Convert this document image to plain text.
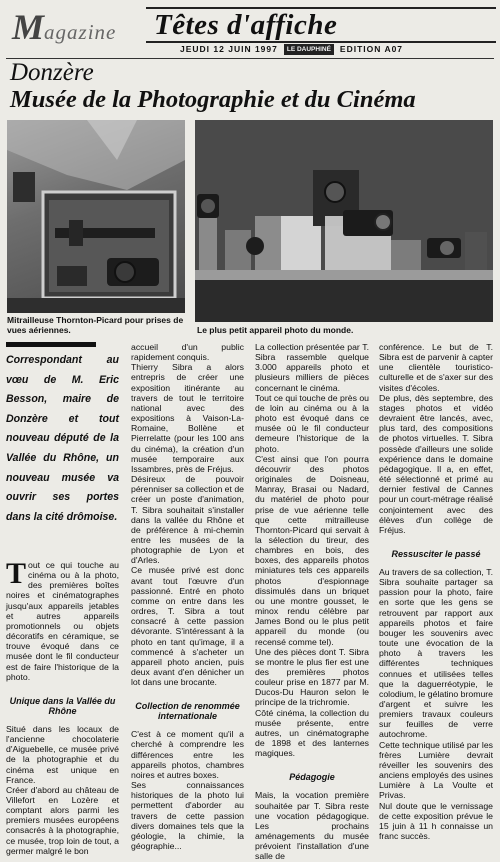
Magazine Têtes d'affiche
JEUDI 12 JUIN 1997	LE DAUPHINÉ	EDITION A07
Donzère
Musée de la Photographie et du Cinéma
Mitrailleuse Thornton-Picard pour prises de vues aériennes.	Le plus petit appareil photo du monde.
Correspondant au vœu de M. Eric Besson, maire de Donzère et tout nouveau député de la Vallée du Rhône, un nouveau musée va ouvrir ses portes dans la cité drômoise.

Tout ce qui touche au cinéma ou à la photo, des premières boîtes noires et cinématographes jusqu'aux appareils jetables et autres appareils promotionnels ou objets décoratifs en céramique, se trouve évoqué dans ce musée dont le fil conducteur est de faire l'historique de la photo.

Unique dans la Vallée du Rhône

Situé dans les locaux de l'ancienne chocolaterie d'Aiguebelle, ce musée privé de la photographie et du cinéma est unique en France.

Créer d'abord au château de Villefort en Lozère et comptant alors parmi les premiers musées européens consacrés à la photographie, ce musée, trop loin de tout, a germer malgré le bon

accueil d'un public rapidement conquis.

Thierry Sibra a alors entrepris de créer une exposition itinérante au travers de tout le territoire national avec des expositions à Vaison-La-Romaine, Bollène et Pierrelatte (pour les 100 ans du cinéma), la création d'un musée temporaire aux Issambres, près de Fréjus.

Désireux de pouvoir pérenniser sa collection et de créer un poste d'animation, T. Sibra souhaitait s'installer dans la vallée du Rhône et de préférence à mi-chemin entre les musées de la photographie de Lyon et d'Arles.

Ce musée privé est donc avant tout l'œuvre d'un passionné. Entré en photo comme on entre dans les ordres, T. Sibra a tout consacré à cette passion dévorante. S'intéressant à la photo en tant qu'image, il a commencé à s'acheter un appareil photo ancien, puis deux avant d'en dénicher un lot dans une brocante.

Collection de renommée internationale

C'est à ce moment qu'il a cherché à comprendre les différences entre les appareils photos, chambres noires et autres boxes.

Ses connaissances historiques de la photo lui permettent d'aborder au travers de cette passion divers domaines tels que la géologie, la chimie, la géographie...

La collection présentée par T. Sibra rassemble quelque 3.000 appareils photo et plusieurs milliers de pièces concernant le cinéma.

Tout ce qui touche de près ou de loin au cinéma ou à la photo est évoqué dans ce musée où le fil conducteur demeure l'historique de la photo.

C'est ainsi que l'on pourra découvrir des photos originales de Doisneau, Manray, Brasai ou Nadard, du matériel de photo pour prise de vue aérienne telle que cette mitrailleuse Thornton-Picard qui servait à la sélection du tireur, des chambres en bois, des boxes, des appareils photos miniatures tels ces appareils photos d'espionnage dissimulés dans un briquet ou une montre gousset, le minox rendu célèbre par James Bond ou le plus petit appareil du monde (ou recensé comme tel).

Une des pièces dont T. Sibra se montre le plus fier est une des premières photos couleur prise en 1877 par M. Ducos-Du Hauron selon le principe de la trichromie.

Côté cinéma, la collection du musée présente, entre autres, un cinématographe de 1898 et des lanternes magiques.

Pédagogie

Mais, la vocation première souhaitée par T. Sibra reste une vocation pédagogique. Les prochains aménagements du musée prévoient l'installation d'une salle de

conférence. Le but de T. Sibra est de parvenir à capter une clientèle touristico-culturelle et de s'axer sur des visites d'écoles.

De plus, dès septembre, des stages photos et vidéo devraient être lancés, avec, plus tard, des compositions de photos virtuelles. T. Sibra possède d'ailleurs une solide expérience dans le domaine pédagogique. Il a, en effet, été sélectionné et primé au dernier festival de Cannes pour un court-métrage réalisé conjointement avec des élèves d'un collège de Fréjus.

Ressusciter le passé

Au travers de sa collection, T. Sibra souhaite partager sa passion pour la photo, faire en sorte que les gens se retrouvent par rapport aux appareils photos et faire bouger les souvenirs avec toute une évocation de la photo à travers les différentes techniques connues et utilisées telles que la daguerréotypie, le colodium, le gélatino bromure d'argent et suivre les premiers travaux couleurs sur feuilles de verre autochrome.

Cette technique utilisé par les frères Lumière devrait réveiller les souvenirs des anciens employés des usines Lumière à La Voulte et Privas.

Nul doute que le vernissage de cette exposition prévue le 15 juin à 11 h connaisse un franc succès.
